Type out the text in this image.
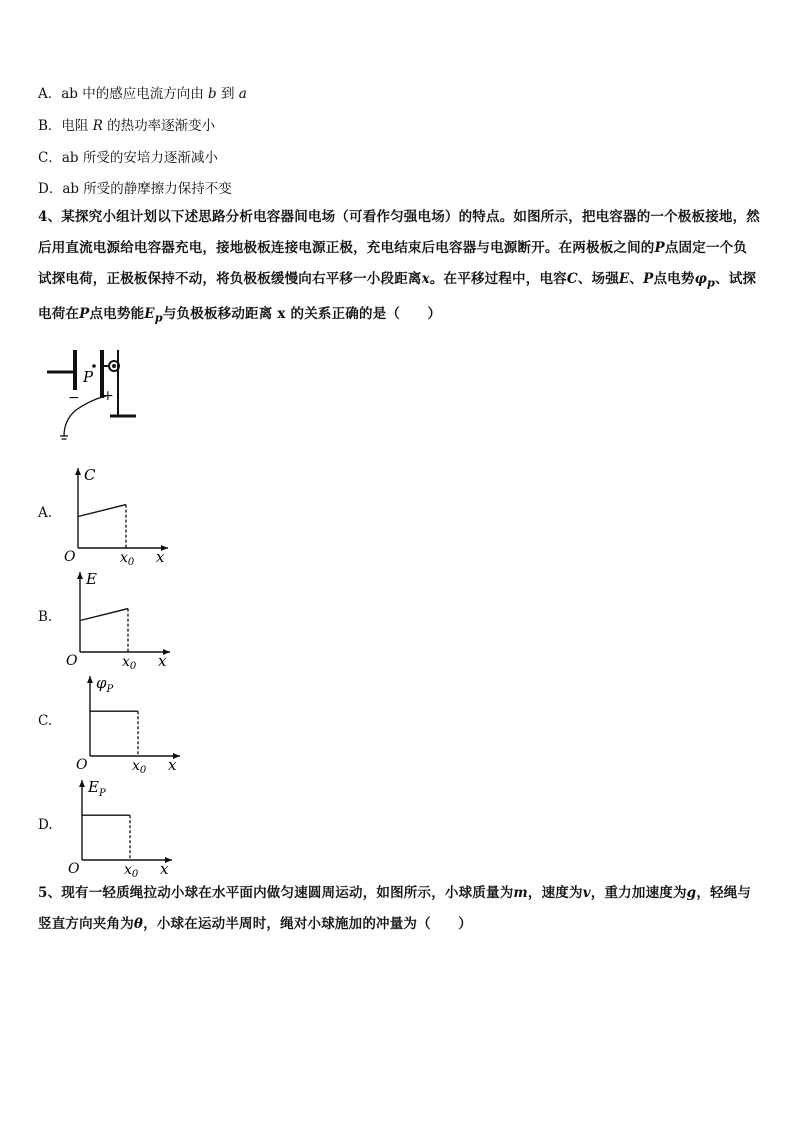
A．ab 中的感应电流方向由 b 到 a
B．电阻 R 的热功率逐渐变小
C．ab 所受的安培力逐渐减小
D．ab 所受的静摩擦力保持不变
4、某探究小组计划以下述思路分析电容器间电场（可看作匀强电场）的特点。如图所示，把电容器的一个极板接地，然后用直流电源给电容器充电，接地极板连接电源正极，充电结束后电容器与电源断开。在两极板之间的P点固定一个负试探电荷，正极板保持不动，将负极板缓慢向右平移一小段距离x。在平移过程中，电容C、场强E、P点电势$\varphi_p$、试探电荷在P点电势能$E_p$与负极板移动距离 x 的关系正确的是（　　）
P
− +
A.
C
O	$x_0$ x
B.
E
O	$x_0$ x
C.
$\varphi_P$
O	$x_0$ x
D.
$E_P$
O	$x_0$ x
5、现有一轻质绳拉动小球在水平面内做匀速圆周运动，如图所示，小球质量为m，速度为v，重力加速度为g，轻绳与竖直方向夹角为θ，小球在运动半周时，绳对小球施加的冲量为（　　）
